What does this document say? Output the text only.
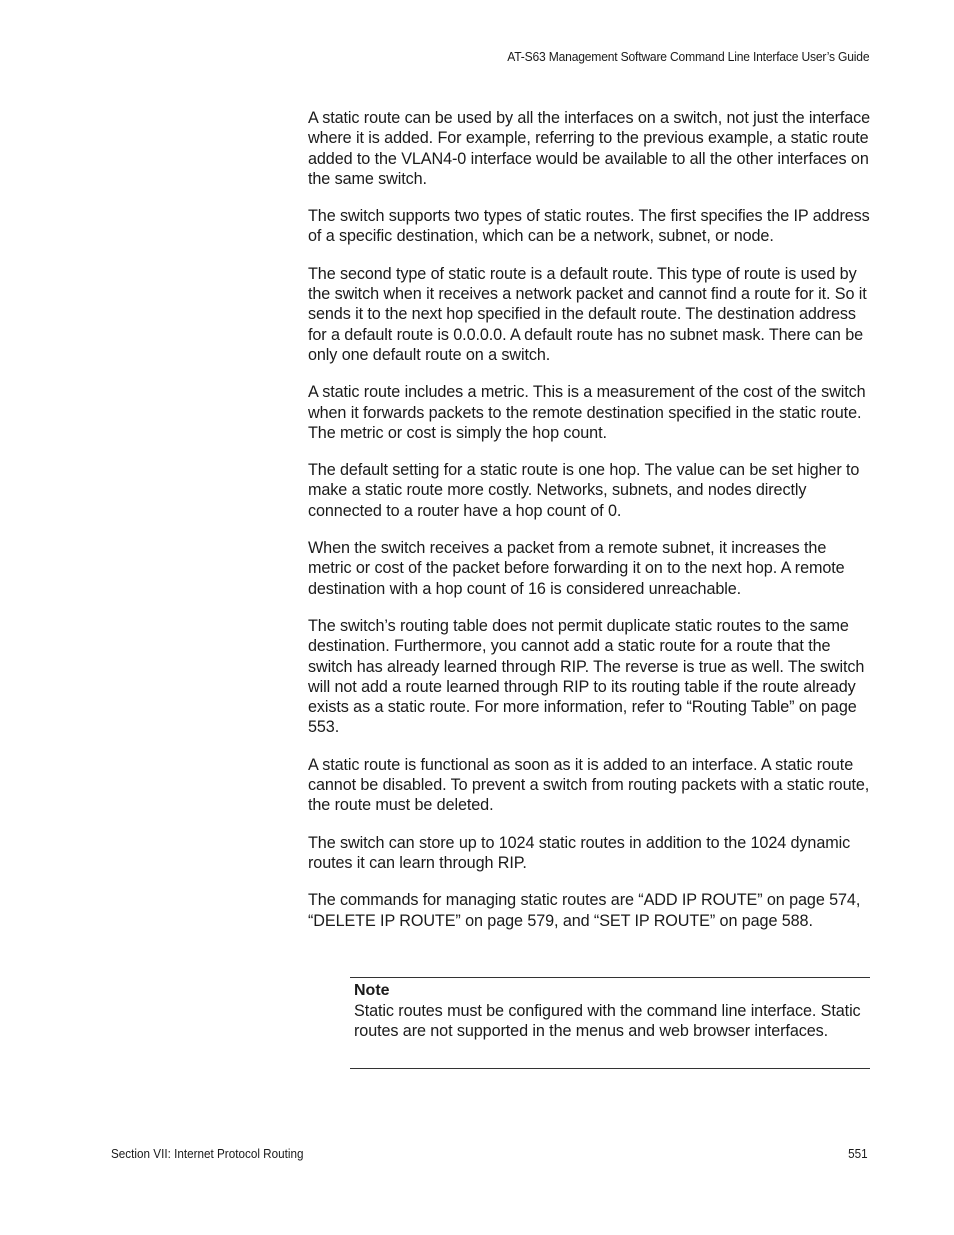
AT-S63 Management Software Command Line Interface User’s Guide

A static route can be used by all the interfaces on a switch, not just the interface where it is added. For example, referring to the previous example, a static route added to the VLAN4-0 interface would be available to all the other interfaces on the same switch.

The switch supports two types of static routes. The first specifies the IP address of a specific destination, which can be a network, subnet, or node.

The second type of static route is a default route. This type of route is used by the switch when it receives a network packet and cannot find a route for it. So it sends it to the next hop specified in the default route. The destination address for a default route is 0.0.0.0. A default route has no subnet mask. There can be only one default route on a switch.

A static route includes a metric. This is a measurement of the cost of the switch when it forwards packets to the remote destination specified in the static route. The metric or cost is simply the hop count.

The default setting for a static route is one hop. The value can be set higher to make a static route more costly. Networks, subnets, and nodes directly connected to a router have a hop count of 0.

When the switch receives a packet from a remote subnet, it increases the metric or cost of the packet before forwarding it on to the next hop. A remote destination with a hop count of 16 is considered unreachable.

The switch’s routing table does not permit duplicate static routes to the same destination. Furthermore, you cannot add a static route for a route that the switch has already learned through RIP. The reverse is true as well. The switch will not add a route learned through RIP to its routing table if the route already exists as a static route. For more information, refer to “Routing Table” on page 553.

A static route is functional as soon as it is added to an interface. A static route cannot be disabled. To prevent a switch from routing packets with a static route, the route must be deleted.

The switch can store up to 1024 static routes in addition to the 1024 dynamic routes it can learn through RIP.

The commands for managing static routes are “ADD IP ROUTE” on page 574, “DELETE IP ROUTE” on page 579, and “SET IP ROUTE” on page 588.

Note
Static routes must be configured with the command line interface. Static routes are not supported in the menus and web browser interfaces.
Section VII: Internet Protocol Routing	551
